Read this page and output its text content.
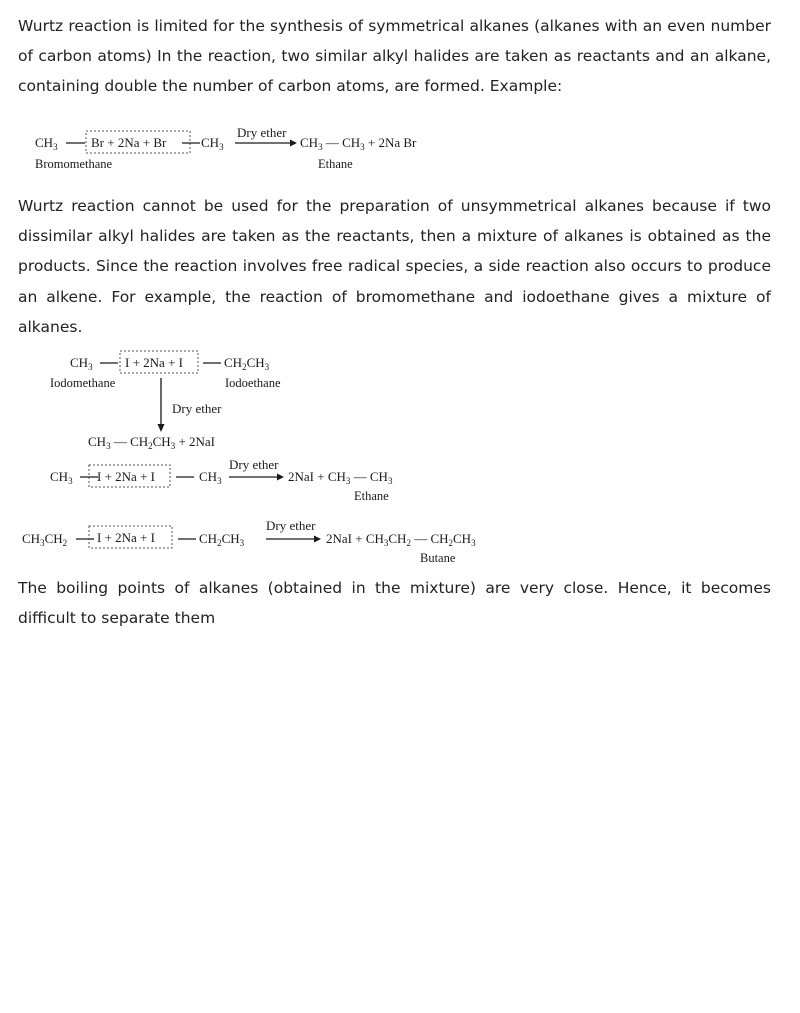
Wurtz reaction is limited for the synthesis of symmetrical alkanes (alkanes with an even number of carbon atoms) In the reaction, two similar alkyl halides are taken as reactants and an alkane, containing double the number of carbon atoms, are formed. Example:

$CH_3$	Br + 2Na + Br	$CH_3$
Dry ether
$CH_3$ — $CH_3 + 2Na$ Br
Bromomethane	Ethane
$CH_3$ I + 2Na + I	$CH_2CH_3$
Iodomethane	Iodoethane
Dry ether
$CH_3$ — $CH_2CH_3 + 2NaI$
$CH_3$ I + 2Na + I	$CH_3$
Dry ether
$2NaI + CH_3$ — $CH_3$
Ethane
$CH_3CH_2$ I + 2Na + I	$CH_2CH_3$
Dry ether
$2NaI + CH_3CH_2$ — $CH_2CH_3$
Butane

Wurtz reaction cannot be used for the preparation of unsymmetrical alkanes because if two dissimilar alkyl halides are taken as the reactants, then a mixture of alkanes is obtained as the products. Since the reaction involves free radical species, a side reaction also occurs to produce an alkene. For example, the reaction of bromomethane and iodoethane gives a mixture of alkanes.

The boiling points of alkanes (obtained in the mixture) are very close. Hence, it becomes difficult to separate them
